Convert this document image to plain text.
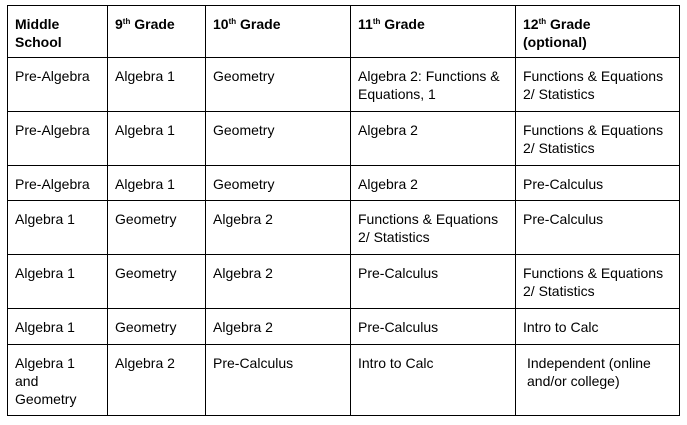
Middle School	9th Grade	10th Grade	11th Grade	12th Grade
(optional)
Pre-Algebra	Algebra 1	Geometry	Algebra 2: Functions & Equations, 1	Functions & Equations 2/ Statistics
Pre-Algebra	Algebra 1	Geometry	Algebra 2	Functions & Equations 2/ Statistics
Pre-Algebra	Algebra 1	Geometry	Algebra 2	Pre-Calculus
Algebra 1	Geometry	Algebra 2	Functions & Equations 2/ Statistics	Pre-Calculus
Algebra 1	Geometry	Algebra 2	Pre-Calculus	Functions & Equations 2/ Statistics
Algebra 1	Geometry	Algebra 2	Pre-Calculus	Intro to Calc
Algebra 1 and Geometry	Algebra 2	Pre-Calculus	Intro to Calc	Independent (online and/or college)
